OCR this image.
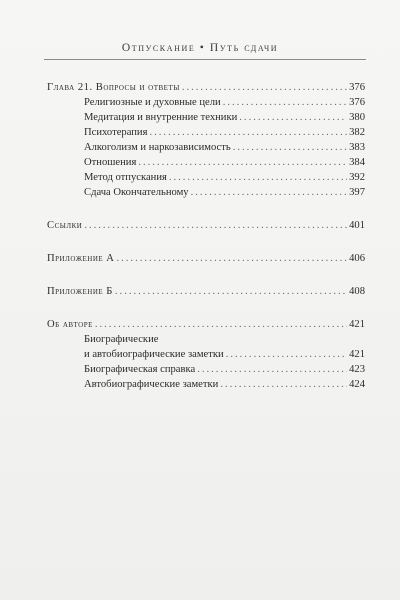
Отпускание • Путь сдачи
Глава 21. Вопросы и ответы .....	376
Религиозные и духовные цели .....	376
Медитация и внутренние техники .....	380
Психотерапия .....	382
Алкоголизм и наркозависимость .....	383
Отношения .....	384
Метод отпускания .....	392
Сдача Окончательному .....	397
Ссылки .....	401
Приложение А .....	406
Приложение Б .....	408
Об авторе .....	421
Биографические
и автобиографические заметки .....	421
Биографическая справка .....	423
Автобиографические заметки .....	424
